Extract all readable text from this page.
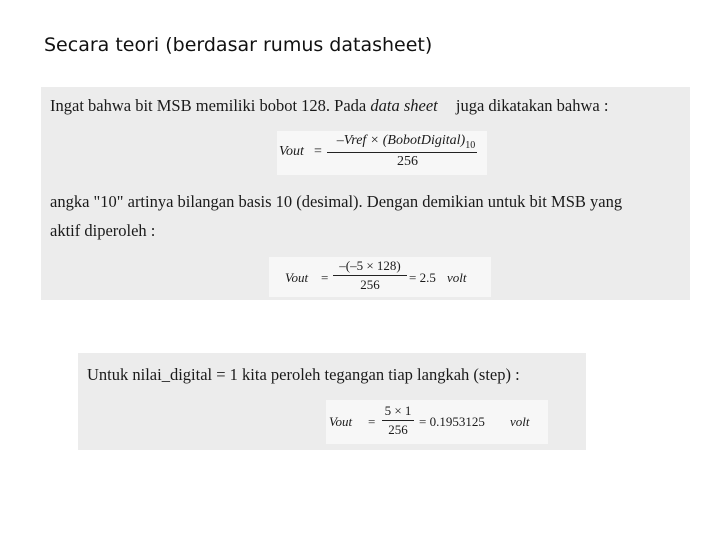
Secara teori (berdasar rumus datasheet)
Ingat bahwa bit MSB memiliki bobot 128. Pada data sheet juga dikatakan bahwa :
Vout =
–Vref × $(BobotDigital)_{10}$
256
angka "10" artinya bilangan basis 10 (desimal). Dengan demikian untuk bit MSB yang
aktif diperoleh :
Vout =
–(–5 × 128)
256	= 2.5 volt
Untuk nilai_digital = 1 kita peroleh tegangan tiap langkah (step) :
Vout =
5 × 1
256
= 0.1953125 volt
